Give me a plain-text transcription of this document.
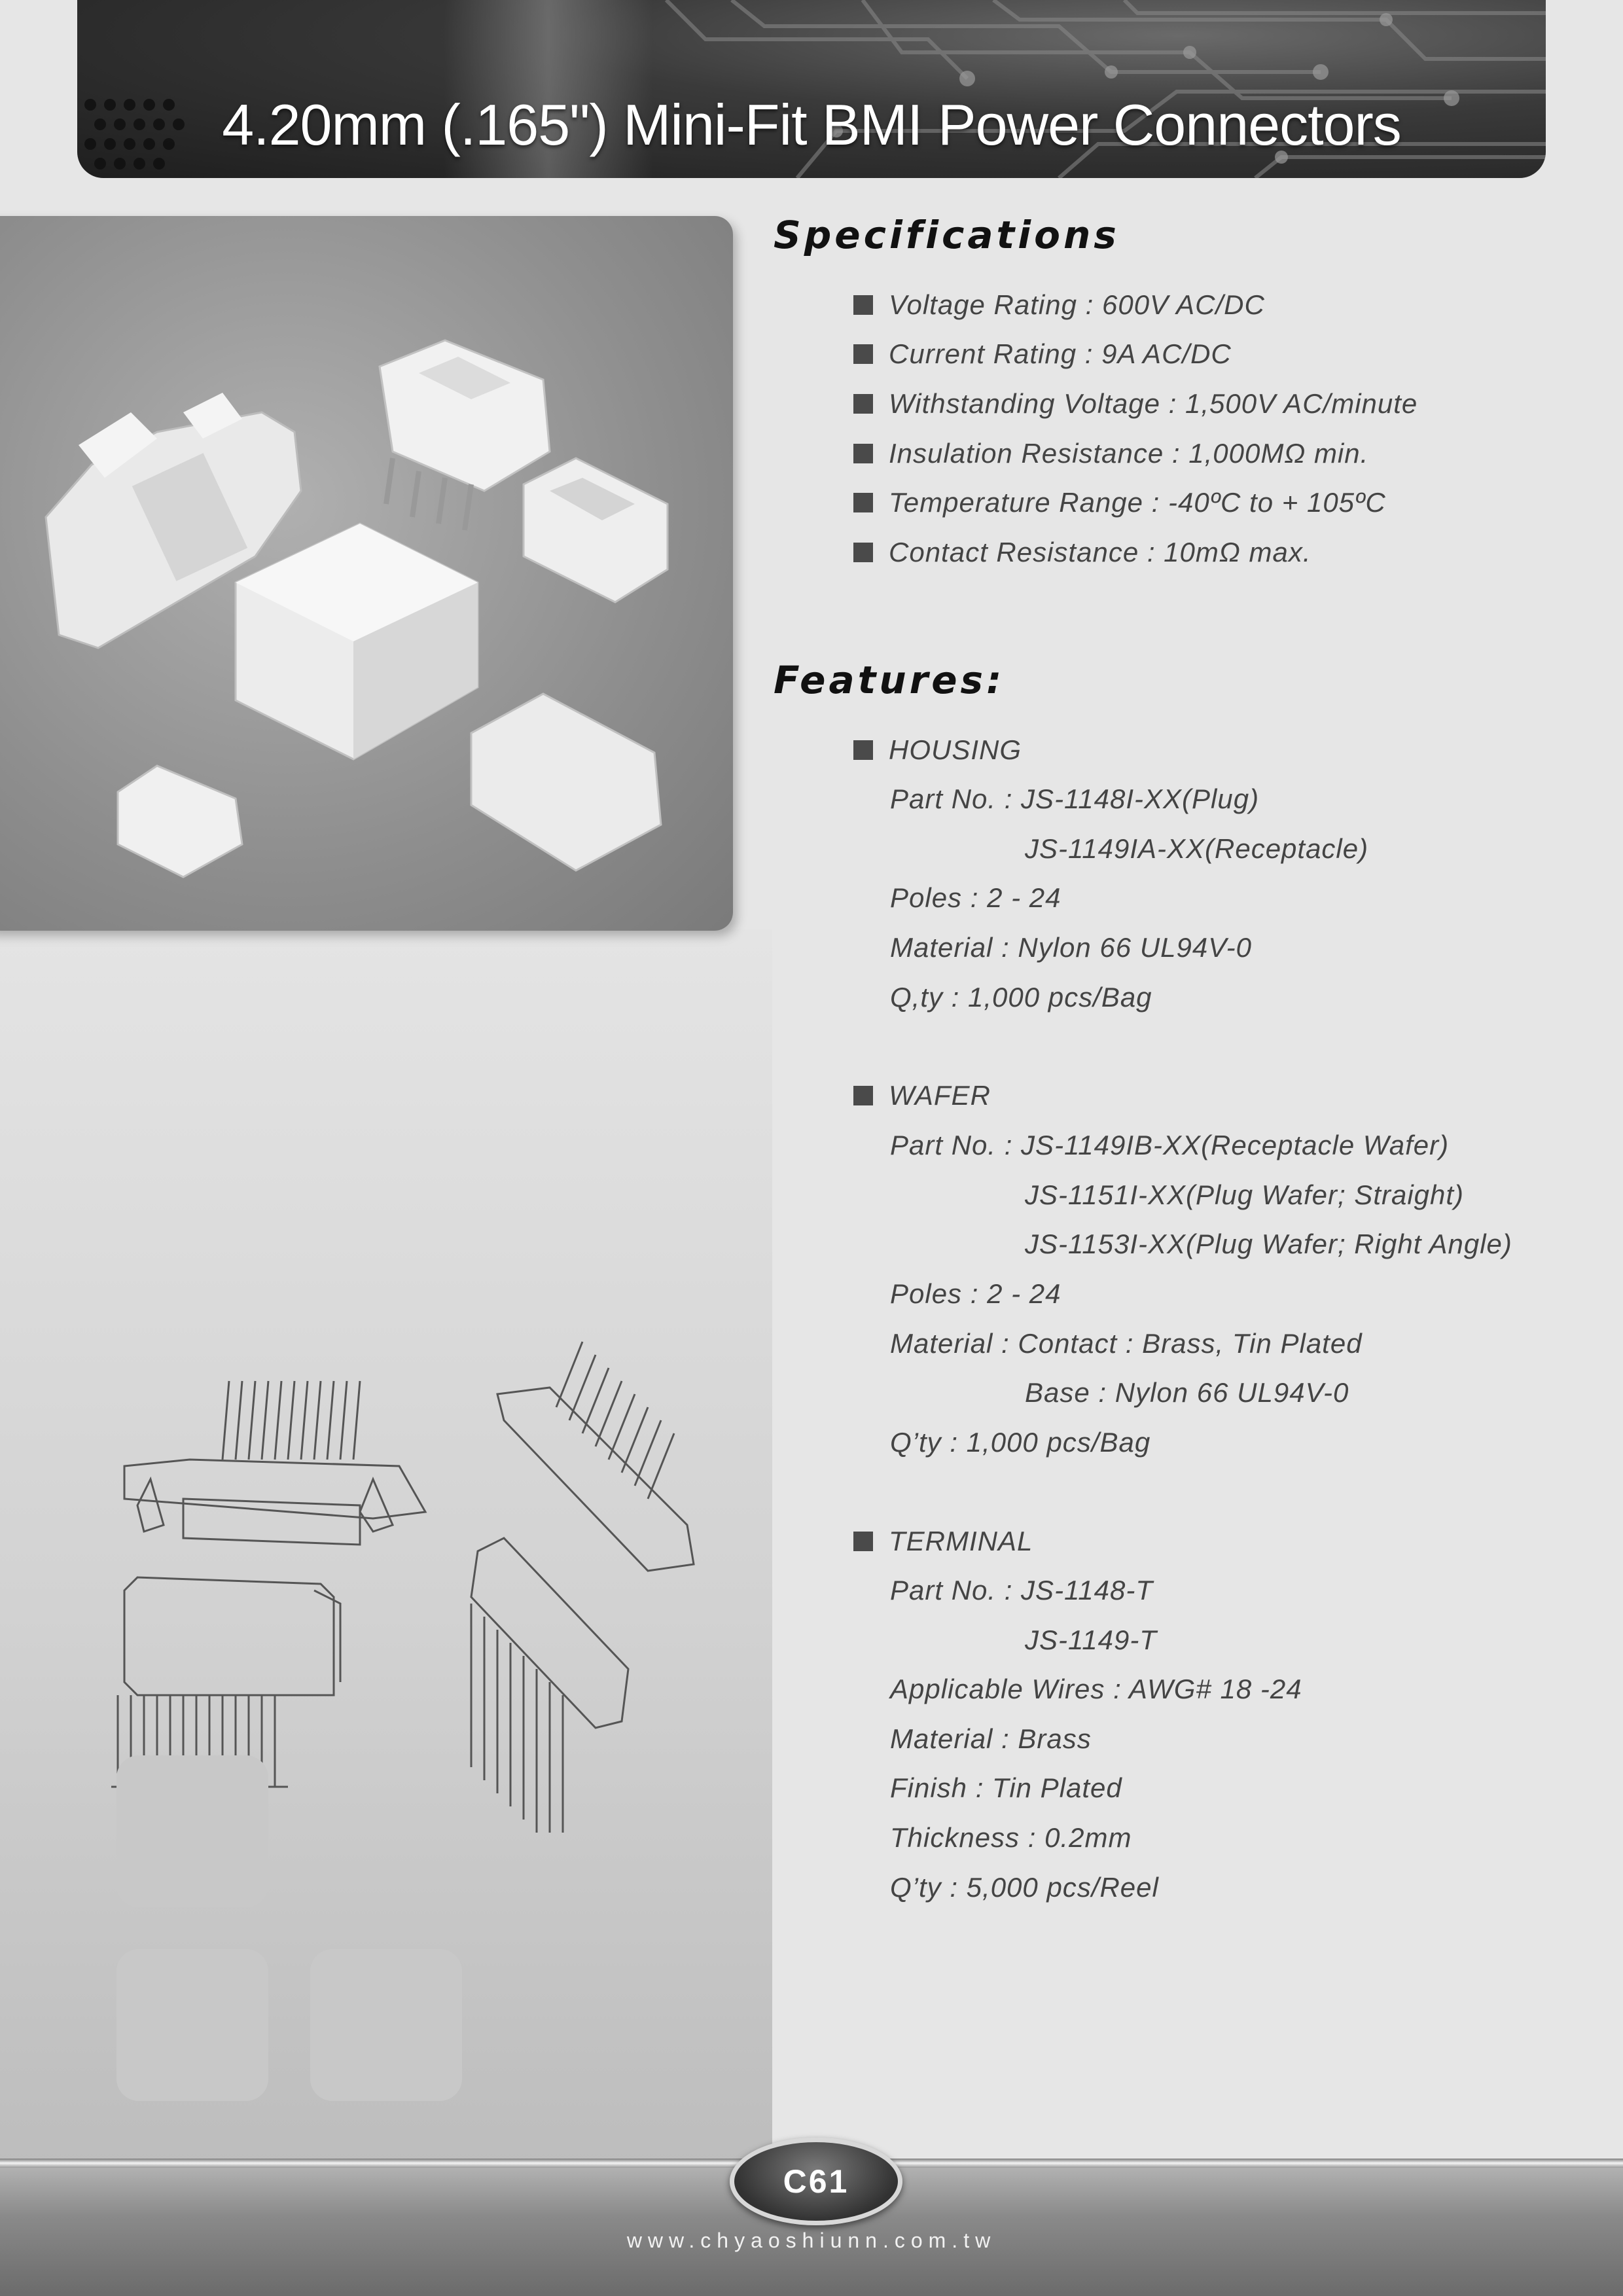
4.20mm (.165") Mini-Fit BMI Power Connectors
Specifications
Voltage Rating : 600V AC/DC
Current Rating : 9A AC/DC
Withstanding Voltage : 1,500V AC/minute
Insulation Resistance : 1,000MΩ min.
Temperature Range : -40ºC to + 105ºC
Contact Resistance : 10mΩ max.
Features:
HOUSING
Part No. : JS-1148I-XX(Plug)
JS-1149IA-XX(Receptacle)
Poles : 2 - 24
Material : Nylon 66 UL94V-0
Q,ty : 1,000 pcs/Bag
WAFER
Part No. : JS-1149IB-XX(Receptacle Wafer)
JS-1151I-XX(Plug Wafer; Straight)
JS-1153I-XX(Plug Wafer; Right Angle)
Poles : 2 - 24
Material : Contact : Brass, Tin Plated
Base : Nylon 66 UL94V-0
Q’ty : 1,000 pcs/Bag
TERMINAL
Part No. : JS-1148-T
JS-1149-T
Applicable Wires : AWG# 18 -24
Material : Brass
Finish : Tin Plated
Thickness : 0.2mm
Q’ty : 5,000 pcs/Reel
C61
www.chyaoshiunn.com.tw
